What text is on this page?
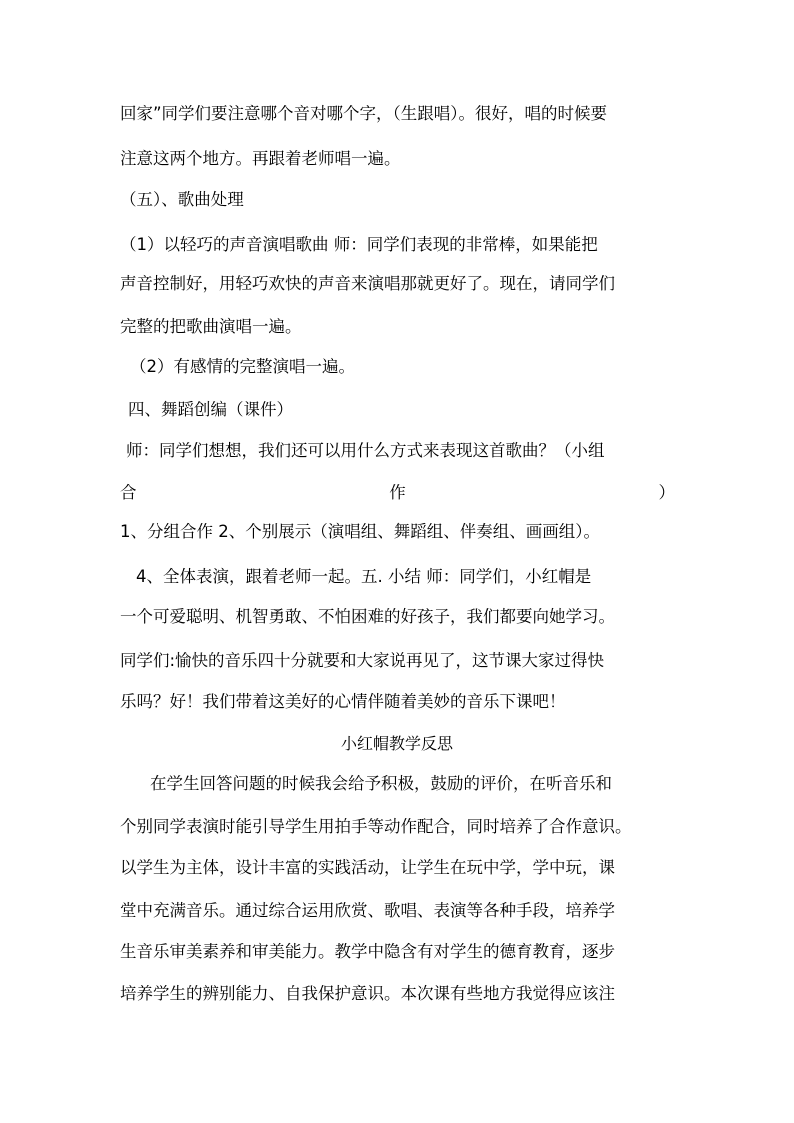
回家”同学们要注意哪个音对哪个字，（生跟唱）。很好，唱的时候要
注意这两个地方。再跟着老师唱一遍。
（五）、歌曲处理
（1）以轻巧的声音演唱歌曲 师：同学们表现的非常棒，如果能把
声音控制好，用轻巧欢快的声音来演唱那就更好了。现在，请同学们
完整的把歌曲演唱一遍。
（2）有感情的完整演唱一遍。
四、舞蹈创编（课件）
师：同学们想想，我们还可以用什么方式来表现这首歌曲？（小组
合	作	）
1、分组合作 2、个别展示（演唱组、舞蹈组、伴奏组、画画组）。
4、全体表演，跟着老师一起。五. 小结 师：同学们，小红帽是
一个可爱聪明、机智勇敢、不怕困难的好孩子，我们都要向她学习。
同学们:愉快的音乐四十分就要和大家说再见了，这节课大家过得快
乐吗？好！我们带着这美好的心情伴随着美妙的音乐下课吧！
小红帽教学反思
在学生回答问题的时候我会给予积极，鼓励的评价，在听音乐和
个别同学表演时能引导学生用拍手等动作配合，同时培养了合作意识。
以学生为主体，设计丰富的实践活动，让学生在玩中学，学中玩，课
堂中充满音乐。通过综合运用欣赏、歌唱、表演等各种手段，培养学
生音乐审美素养和审美能力。教学中隐含有对学生的德育教育，逐步
培养学生的辨别能力、自我保护意识。本次课有些地方我觉得应该注
